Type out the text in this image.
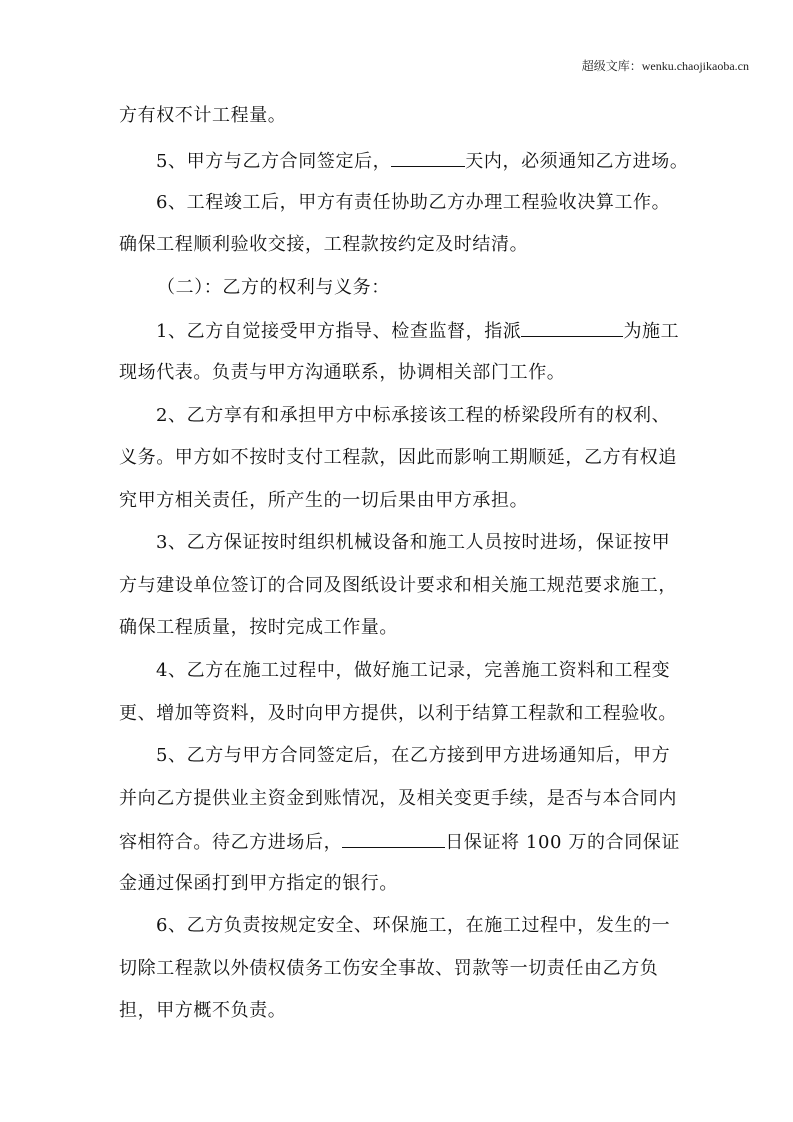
超级文库：wenku.chaojikaoba.cn
方有权不计工程量。
5、甲方与乙方合同签定后，	天内，必须通知乙方进场。
6、工程竣工后，甲方有责任协助乙方办理工程验收决算工作。
确保工程顺利验收交接，工程款按约定及时结清。
（二）：乙方的权利与义务：
1、乙方自觉接受甲方指导、检查监督，指派	为施工
现场代表。负责与甲方沟通联系，协调相关部门工作。
2、乙方享有和承担甲方中标承接该工程的桥梁段所有的权利、
义务。甲方如不按时支付工程款，因此而影响工期顺延，乙方有权追
究甲方相关责任，所产生的一切后果由甲方承担。
3、乙方保证按时组织机械设备和施工人员按时进场，保证按甲
方与建设单位签订的合同及图纸设计要求和相关施工规范要求施工，
确保工程质量，按时完成工作量。
4、乙方在施工过程中，做好施工记录，完善施工资料和工程变
更、增加等资料，及时向甲方提供，以利于结算工程款和工程验收。
5、乙方与甲方合同签定后，在乙方接到甲方进场通知后，甲方
并向乙方提供业主资金到账情况，及相关变更手续，是否与本合同内
容相符合。待乙方进场后，	日保证将 100 万的合同保证
金通过保函打到甲方指定的银行。
6、乙方负责按规定安全、环保施工，在施工过程中，发生的一
切除工程款以外债权债务工伤安全事故、罚款等一切责任由乙方负
担，甲方概不负责。
